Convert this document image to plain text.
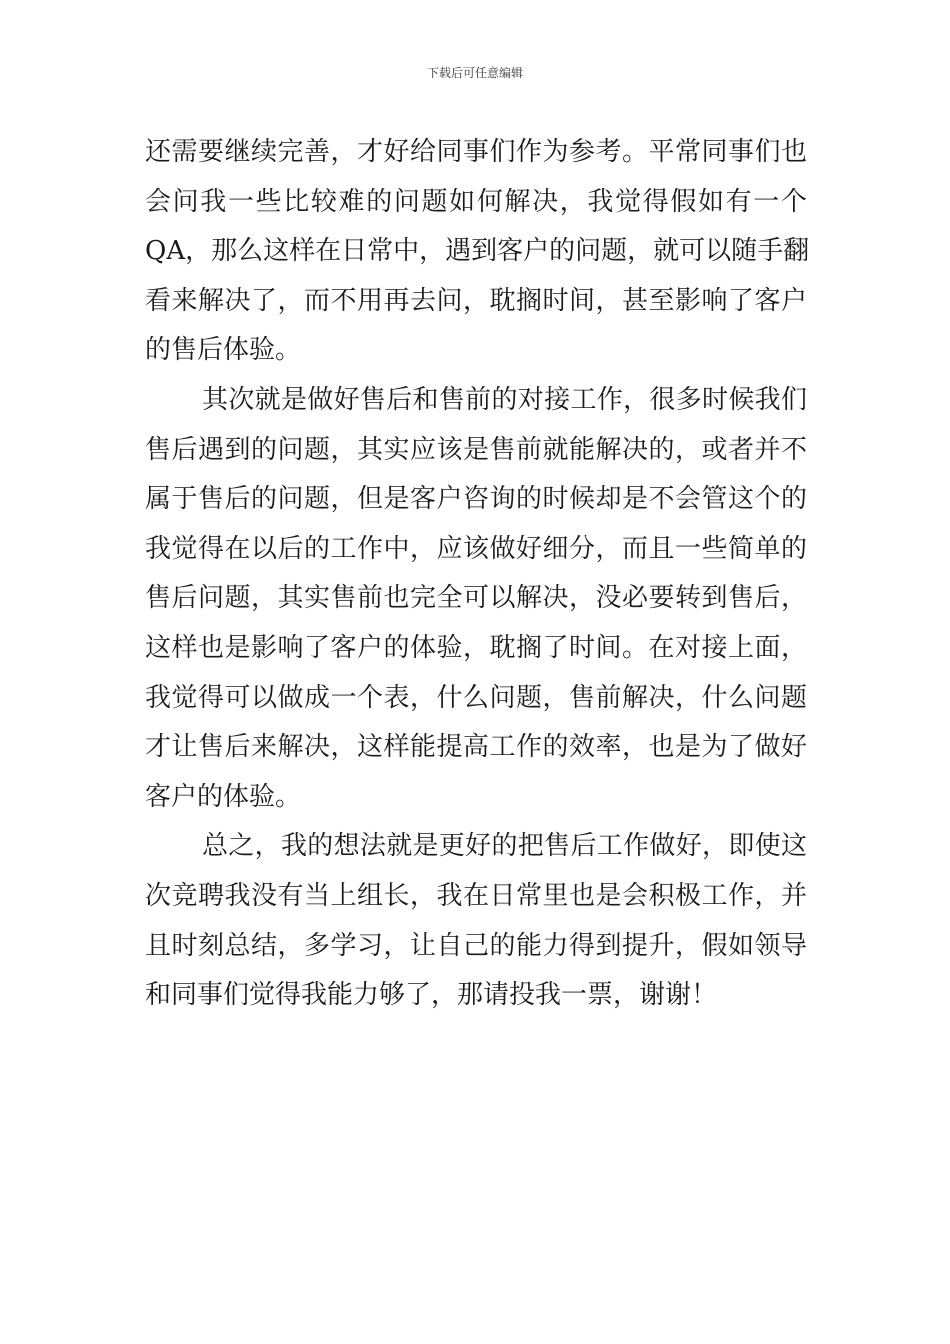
下载后可任意编辑
还需要继续完善，才好给同事们作为参考。平常同事们也
会问我一些比较难的问题如何解决，我觉得假如有一个
QA，那么这样在日常中，遇到客户的问题，就可以随手翻
看来解决了，而不用再去问，耽搁时间，甚至影响了客户
的售后体验。
其次就是做好售后和售前的对接工作，很多时候我们
售后遇到的问题，其实应该是售前就能解决的，或者并不
属于售后的问题，但是客户咨询的时候却是不会管这个的
我觉得在以后的工作中，应该做好细分，而且一些简单的
售后问题，其实售前也完全可以解决，没必要转到售后，
这样也是影响了客户的体验，耽搁了时间。在对接上面，
我觉得可以做成一个表，什么问题，售前解决，什么问题
才让售后来解决，这样能提高工作的效率，也是为了做好
客户的体验。
总之，我的想法就是更好的把售后工作做好，即使这
次竞聘我没有当上组长，我在日常里也是会积极工作，并
且时刻总结，多学习，让自己的能力得到提升，假如领导
和同事们觉得我能力够了，那请投我一票，谢谢！
